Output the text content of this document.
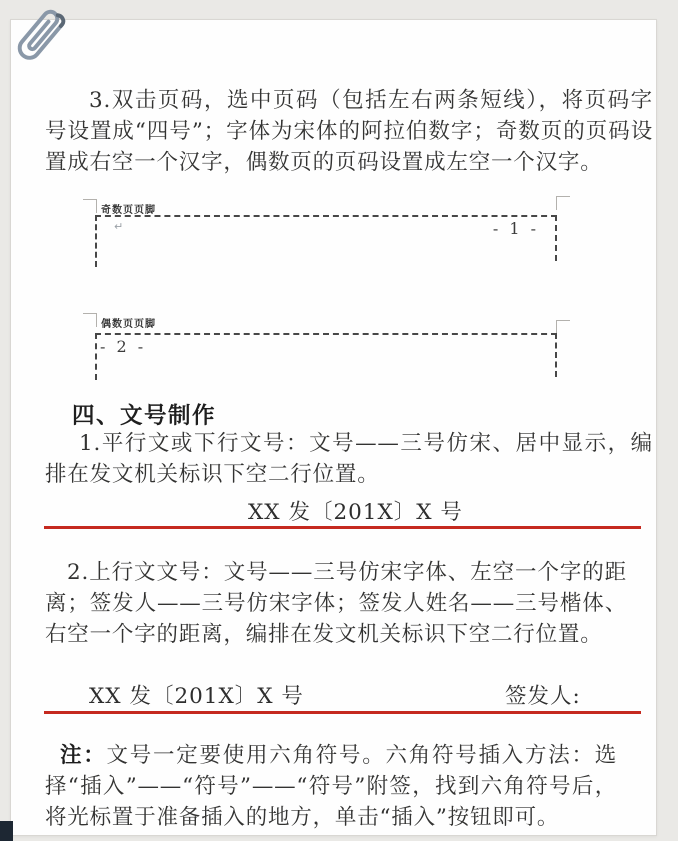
3.双击页码，选中页码（包括左右两条短线），将页码字号设置成“四号”；字体为宋体的阿拉伯数字；奇数页的页码设置成右空一个汉字，偶数页的页码设置成左空一个汉字。

奇数页页脚
↵	- 1 -
偶数页页脚
- 2 -
四、文号制作

1.平行文或下行文号：文号——三号仿宋、居中显示，编排在发文机关标识下空二行位置。

XX 发〔201X〕X 号

2.上行文文号：文号——三号仿宋字体、左空一个字的距离；签发人——三号仿宋字体；签发人姓名——三号楷体、右空一个字的距离，编排在发文机关标识下空二行位置。

XX 发〔201X〕X 号	签发人:

注：文号一定要使用六角符号。六角符号插入方法：选择“插入”——“符号”——“符号”附签，找到六角符号后，将光标置于准备插入的地方，单击“插入”按钮即可。
